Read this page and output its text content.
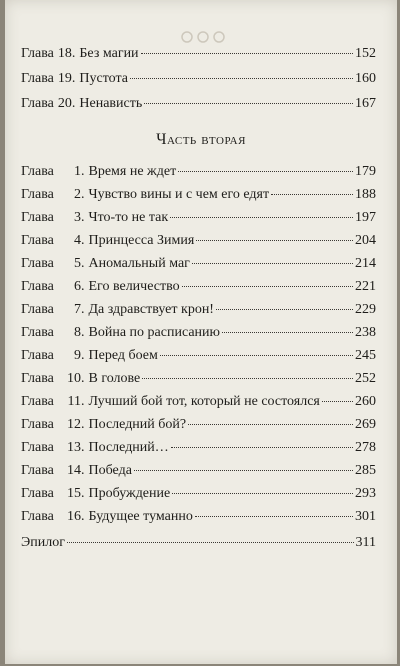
Глава 18 . Без магии	152
Глава 19 . Пустота	160
Глава 20 . Ненависть	167
Часть вторая
Глава	1 . Время не ждет	179
Глава	2 . Чувство вины и с чем его едят	188
Глава	3 . Что-то не так	197
Глава	4 . Принцесса Зимия	204
Глава	5 . Аномальный маг	214
Глава	6 . Его величество	221
Глава	7 . Да здравствует крон!	229
Глава	8 . Война по расписанию	238
Глава	9 . Перед боем	245
Глава 10 . В голове	252
Глава 11 . Лучший бой тот, который не состоялся	260
Глава 12 . Последний бой?	269
Глава 13 . Последний…	278
Глава 14 . Победа	285
Глава 15 . Пробуждение	293
Глава 16 . Будущее туманно	301
Эпилог	311
